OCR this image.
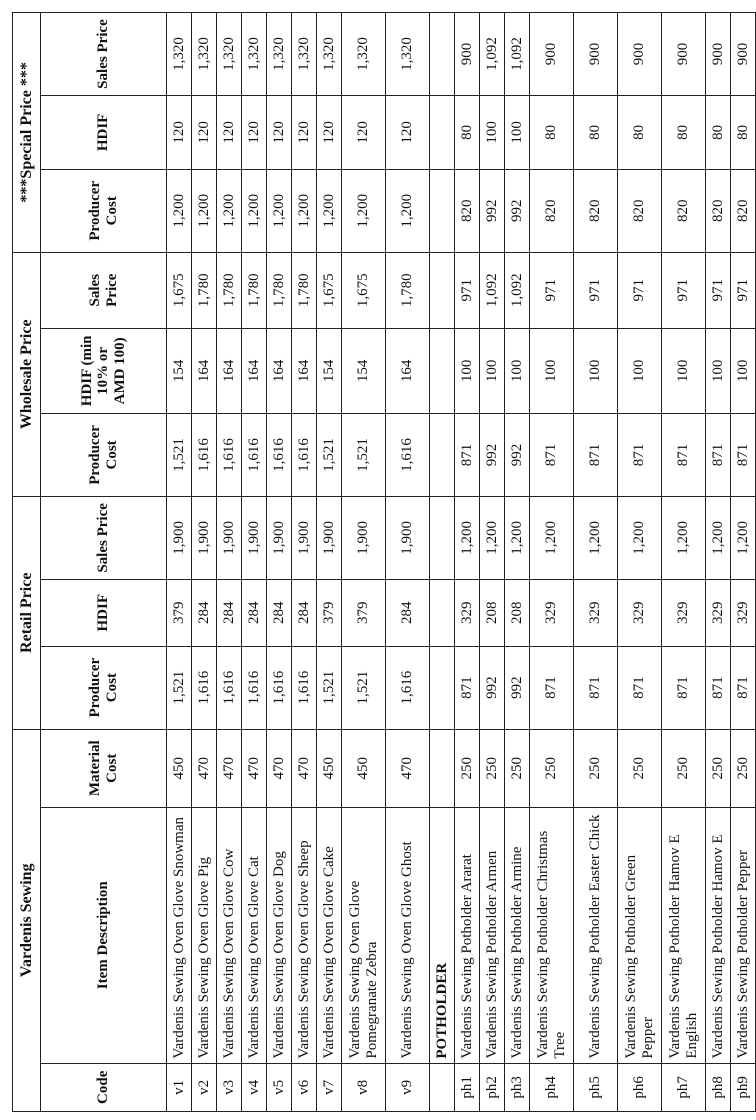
Vardenis Sewing			Retail Price			Wholesale Price			***Special Price ***		
Code	Item Description	Material Cost	Producer Cost	HDIF	Sales Price	Producer Cost	HDIF (min 10% or AMD 100)	Sales Price	Producer Cost	HDIF	Sales Price

v1	Vardenis Sewing Oven Glove Snowman	450	1,521	379	1,900	1,521	154	1,675	1,200	120	1,320
v2	Vardenis Sewing Oven Glove Pig	470	1,616	284	1,900	1,616	164	1,780	1,200	120	1,320
v3	Vardenis Sewing Oven Glove Cow	470	1,616	284	1,900	1,616	164	1,780	1,200	120	1,320
v4	Vardenis Sewing Oven Glove Cat	470	1,616	284	1,900	1,616	164	1,780	1,200	120	1,320
v5	Vardenis Sewing Oven Glove Dog	470	1,616	284	1,900	1,616	164	1,780	1,200	120	1,320
v6	Vardenis Sewing Oven Glove Sheep	470	1,616	284	1,900	1,616	164	1,780	1,200	120	1,320
v7	Vardenis Sewing Oven Glove Cake	450	1,521	379	1,900	1,521	154	1,675	1,200	120	1,320
v8	Vardenis Sewing Oven Glove Pomegranate Zebra	450	1,521	379	1,900	1,521	154	1,675	1,200	120	1,320
v9	Vardenis Sewing Oven Glove Ghost	470	1,616	284	1,900	1,616	164	1,780	1,200	120	1,320
	POTHOLDER										
ph1	Vardenis Sewing Potholder Ararat	250	871	329	1,200	871	100	971	820	80	900
ph2	Vardenis Sewing Potholder Armen	250	992	208	1,200	992	100	1,092	992	100	1,092
ph3	Vardenis Sewing Potholder Armine	250	992	208	1,200	992	100	1,092	992	100	1,092
ph4	Vardenis Sewing Potholder Christmas Tree	250	871	329	1,200	871	100	971	820	80	900
ph5	Vardenis Sewing Potholder Easter Chick	250	871	329	1,200	871	100	971	820	80	900
ph6	Vardenis Sewing Potholder Green Pepper	250	871	329	1,200	871	100	971	820	80	900
ph7	Vardenis Sewing Potholder Hamov E English	250	871	329	1,200	871	100	971	820	80	900
ph8	Vardenis Sewing Potholder Hamov E	250	871	329	1,200	871	100	971	820	80	900
ph9	Vardenis Sewing Potholder Pepper	250	871	329	1,200	871	100	971	820	80	900
